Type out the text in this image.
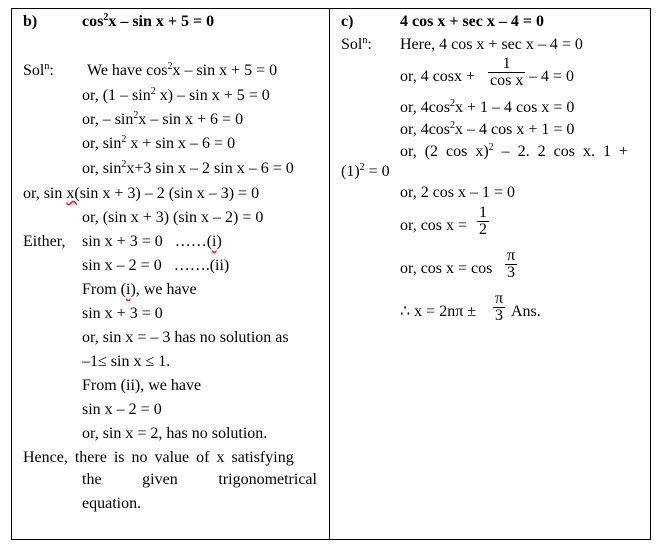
b)	$\cos^2x - \sin x + 5 = 0$
Sol$^n$: We have $\cos^2x - \sin x + 5 = 0$
or, $(1 - \sin^2 x) - \sin x + 5 = 0$
or, – $\sin^2x - \sin x + 6 = 0$
or, $\sin^2 x + \sin x - 6 = 0$
or, $\sin^2x+3$ sin x – 2 sin x – 6 = 0
or, sin x(sin x + 3) – 2 (sin x – 3) = 0
or, (sin x + 3) (sin x – 2) = 0
Either, sin x + 3 = 0   ……(i)
sin x – 2 = 0   …….(ii)
From (i), we have
sin x + 3 = 0
or, sin x = – 3 has no solution as
–1≤ sin x ≤ 1.
From (ii), we have
sin x – 2 = 0
or, sin x = 2, has no solution.
Hence, there is no value of x satisfying
the	given	trigonometrical
equation.
c)	4 cos x + sec x – 4 = 0
Sol$^n$: Here, 4 cos x + sec x – 4 = 0
or, 4 cosx +
1
cos x – 4 = 0
or, $4\cos^2x + 1 - 4$ cos x = 0
or, $4\cos^2x - 4$ cos x + 1 = 0
or, (2 cos x)$^2$ – 2. 2 cos x. 1 +
$(1)^2 = 0$
or, 2 cos x – 1 = 0
or, cos x =
1
2
or, cos x = cos
π
3
∴ x = 2nπ ±
π
3 Ans.
